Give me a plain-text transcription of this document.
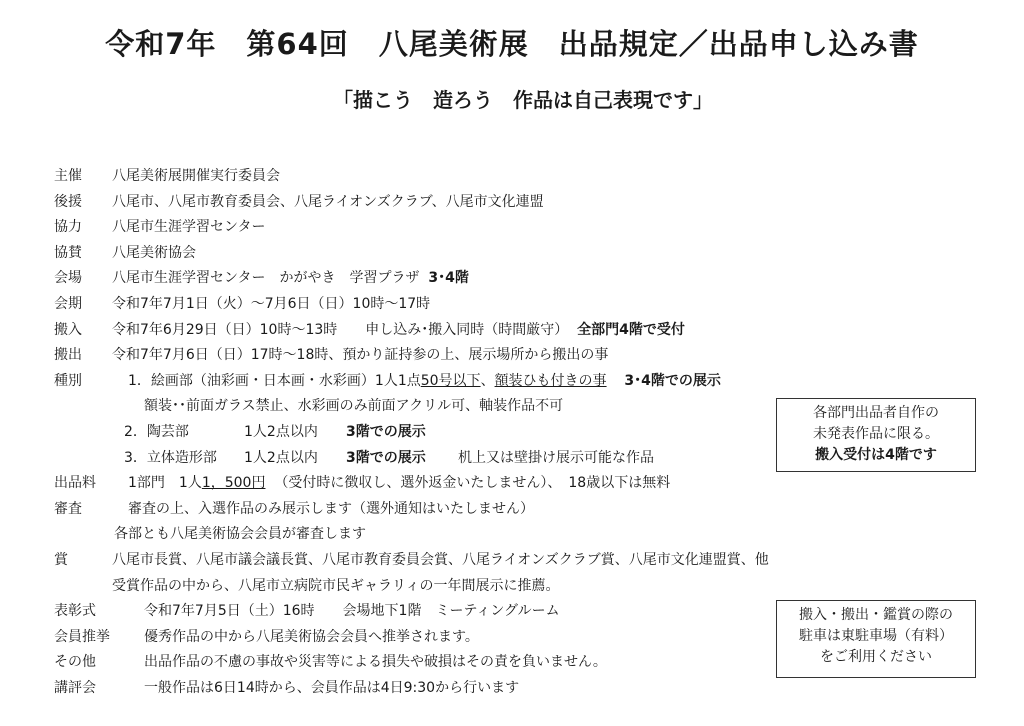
令和7年　第64回　八尾美術展　出品規定／出品申し込み書
「描こう　造ろう　作品は自己表現です」
主催 八尾美術展開催実行委員会
後援 八尾市、八尾市教育委員会、八尾ライオンズクラブ、八尾市文化連盟
協力 八尾市生涯学習センター
協賛 八尾美術協会
会場 八尾市生涯学習センター　かがやき　学習プラザ 3･4階
会期 令和7年7月1日（火）～7月6日（日）10時～17時
搬入 令和7年6月29日（日）10時～13時　　申し込み･搬入同時（時間厳守） 全部門4階で受付
搬出 令和7年7月6日（日）17時～18時、預かり証持参の上、展示場所から搬出の事
種別	1．絵画部（油彩画・日本画・水彩画）1人1点50号以下、額装ひも付きの事 3･4階での展示
額装･･前面ガラス禁止、水彩画のみ前面アクリル可、軸装作品不可
2．陶芸部	1人2点以内 3階での展示
3．立体造形部 1人2点以内 3階での展示 机上又は壁掛け展示可能な作品
出品料 1部門　1人1，500円 （受付時に徴収し、選外返金いたしません）、　18歳以下は無料
審査	審査の上、入選作品のみ展示します（選外通知はいたしません）
各部とも八尾美術協会会員が審査します
賞	八尾市長賞、八尾市議会議長賞、八尾市教育委員会賞、八尾ライオンズクラブ賞、八尾市文化連盟賞、他
受賞作品の中から、八尾市立病院市民ギャラリィの一年間展示に推薦。
表彰式	令和7年7月5日（土）16時　　会場地下1階　ミーティングルーム
会員推挙 優秀作品の中から八尾美術協会会員へ推挙されます。
その他	出品作品の不慮の事故や災害等による損失や破損はその責を負いません。
講評会	一般作品は6日14時から、会員作品は4日9:30から行います
各部門出品者自作の
未発表作品に限る。
搬入受付は4階です
搬入・搬出・鑑賞の際の
駐車は東駐車場（有料）
をご利用ください
